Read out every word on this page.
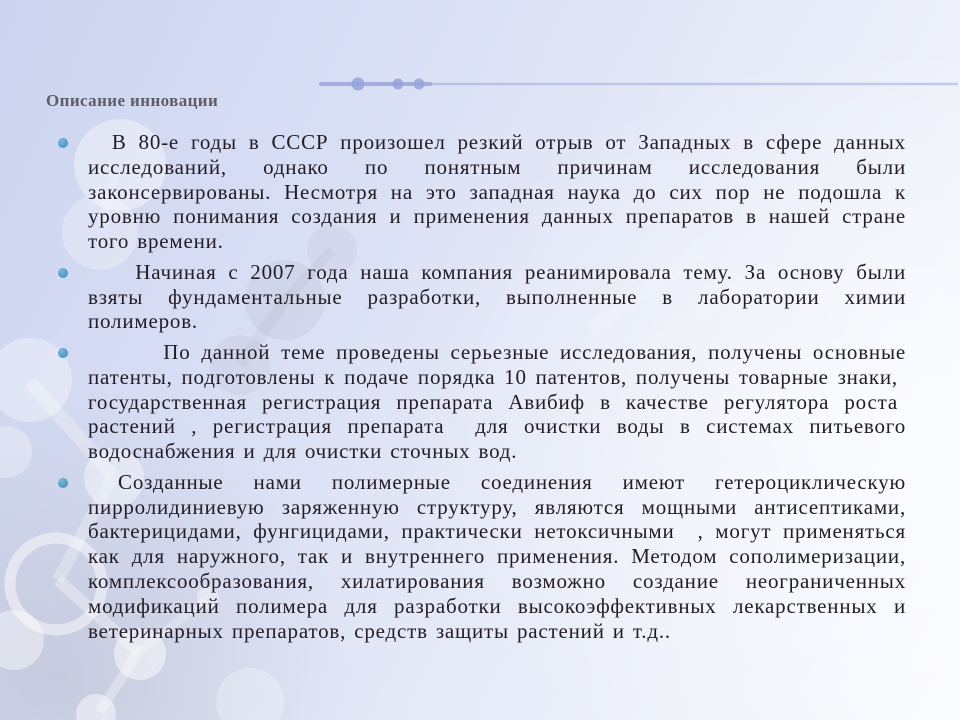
Описание инновации

В 80-е годы в СССР произошел резкий отрыв от Западных в сфере данных исследований, однако по понятным причинам исследования были законсервированы. Несмотря на это западная наука до сих пор не подошла к уровню понимания создания и применения данных препаратов в нашей стране того времени.

Начиная с 2007 года наша компания реанимировала тему. За основу были взяты фундаментальные разработки, выполненные в лаборатории химии полимеров.

По данной теме проведены серьезные исследования, получены основные патенты, подготовлены к подаче порядка 10 патентов, получены товарные знаки,  государственная регистрация препарата Авибиф в качестве регулятора роста  растений , регистрация препарата  для очистки воды в системах питьевого водоснабжения и для очистки сточных вод.

Созданные нами полимерные соединения имеют гетероциклическую пирролидиниевую заряженную структуру, являются мощными антисептиками, бактерицидами, фунгицидами, практически нетоксичными  , могут применяться как для наружного, так и внутреннего применения. Методом сополимеризации, комплексообразования, хилатирования возможно создание неограниченных модификаций полимера для разработки высокоэффективных лекарственных и ветеринарных препаратов, средств защиты растений и т.д..
